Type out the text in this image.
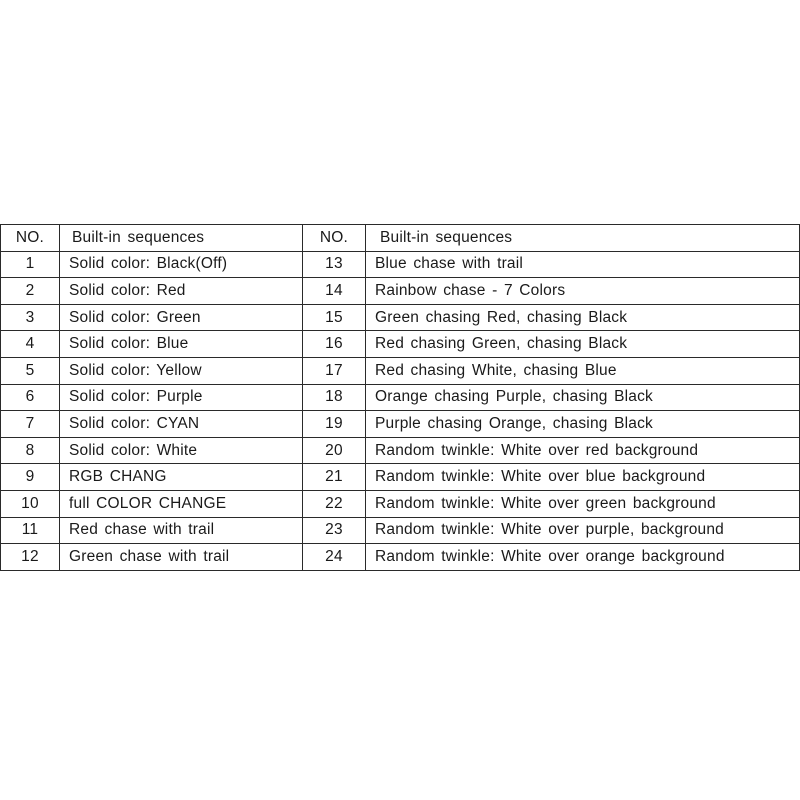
NO.	Built-in sequences	NO.	Built-in sequences
1	Solid color: Black(Off)	13	Blue chase with trail
2	Solid color: Red	14	Rainbow chase - 7 Colors
3	Solid color: Green	15	Green chasing Red, chasing Black
4	Solid color: Blue	16	Red chasing Green, chasing Black
5	Solid color: Yellow	17	Red chasing White, chasing Blue
6	Solid color: Purple	18	Orange chasing Purple, chasing Black
7	Solid color: CYAN	19	Purple chasing Orange, chasing Black
8	Solid color: White	20	Random twinkle: White over red background
9	RGB CHANG	21	Random twinkle: White over blue background
10	full COLOR CHANGE	22	Random twinkle: White over green background
11	Red chase with trail	23	Random twinkle: White over purple, background
12	Green chase with trail	24	Random twinkle: White over orange background
